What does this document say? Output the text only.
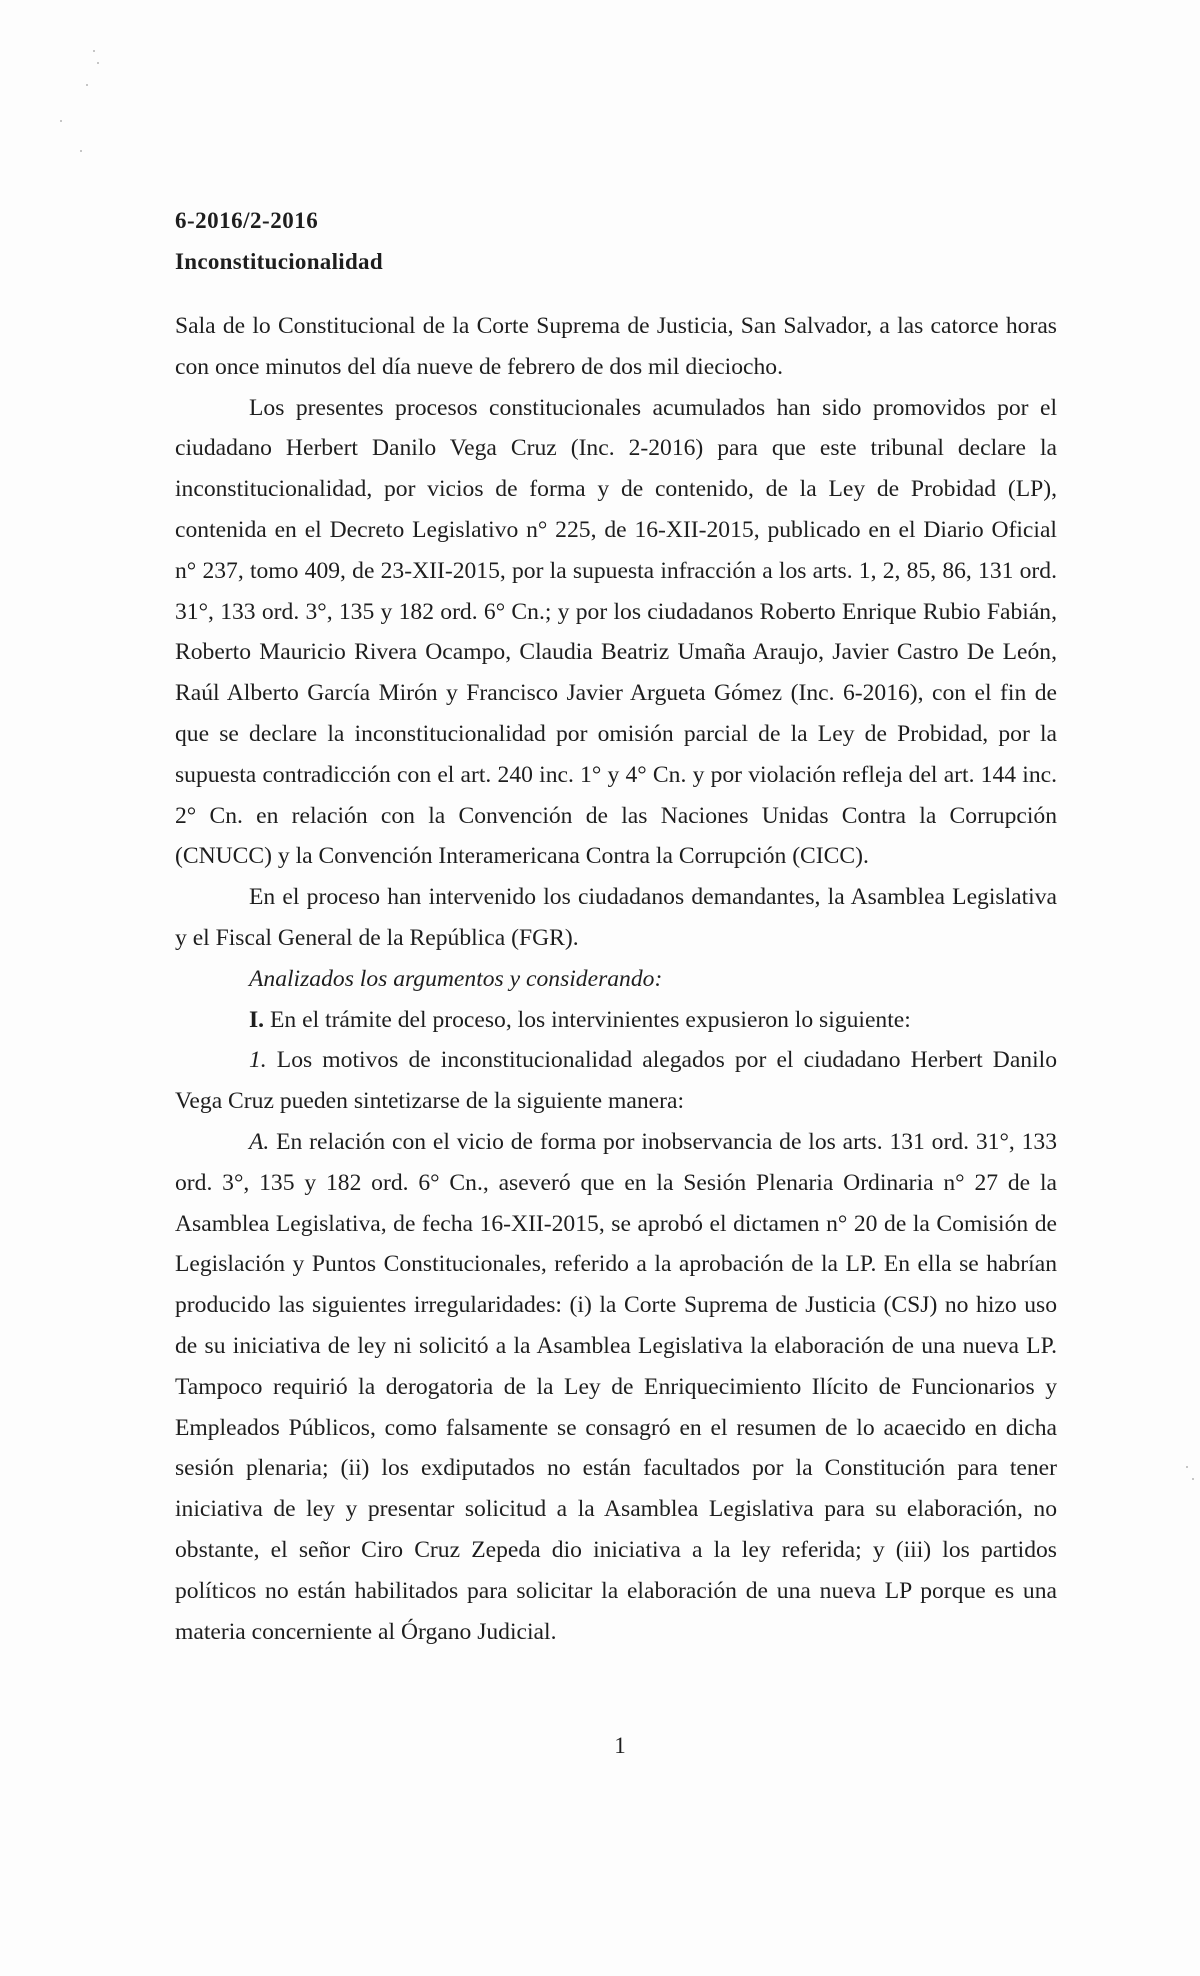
6-2016/2-2016
Inconstitucionalidad

Sala de lo Constitucional de la Corte Suprema de Justicia, San Salvador, a las catorce horas con once minutos del día nueve de febrero de dos mil dieciocho.

Los presentes procesos constitucionales acumulados han sido promovidos por el ciudadano Herbert Danilo Vega Cruz (Inc. 2-2016) para que este tribunal declare la inconstitucionalidad, por vicios de forma y de contenido, de la Ley de Probidad (LP), contenida en el Decreto Legislativo n° 225, de 16-XII-2015, publicado en el Diario Oficial n° 237, tomo 409, de 23-XII-2015, por la supuesta infracción a los arts. 1, 2, 85, 86, 131 ord. 31°, 133 ord. 3°, 135 y 182 ord. 6° Cn.; y por los ciudadanos Roberto Enrique Rubio Fabián, Roberto Mauricio Rivera Ocampo, Claudia Beatriz Umaña Araujo, Javier Castro De León, Raúl Alberto García Mirón y Francisco Javier Argueta Gómez (Inc. 6-2016), con el fin de que se declare la inconstitucionalidad por omisión parcial de la Ley de Probidad, por la supuesta contradicción con el art. 240 inc. 1° y 4° Cn. y por violación refleja del art. 144 inc. 2° Cn. en relación con la Convención de las Naciones Unidas Contra la Corrupción (CNUCC) y la Convención Interamericana Contra la Corrupción (CICC).

En el proceso han intervenido los ciudadanos demandantes, la Asamblea Legislativa y el Fiscal General de la República (FGR).

Analizados los argumentos y considerando:

I. En el trámite del proceso, los intervinientes expusieron lo siguiente:

1. Los motivos de inconstitucionalidad alegados por el ciudadano Herbert Danilo Vega Cruz pueden sintetizarse de la siguiente manera:

A. En relación con el vicio de forma por inobservancia de los arts. 131 ord. 31°, 133 ord. 3°, 135 y 182 ord. 6° Cn., aseveró que en la Sesión Plenaria Ordinaria n° 27 de la Asamblea Legislativa, de fecha 16-XII-2015, se aprobó el dictamen n° 20 de la Comisión de Legislación y Puntos Constitucionales, referido a la aprobación de la LP. En ella se habrían producido las siguientes irregularidades: (i) la Corte Suprema de Justicia (CSJ) no hizo uso de su iniciativa de ley ni solicitó a la Asamblea Legislativa la elaboración de una nueva LP. Tampoco requirió la derogatoria de la Ley de Enriquecimiento Ilícito de Funcionarios y Empleados Públicos, como falsamente se consagró en el resumen de lo acaecido en dicha sesión plenaria; (ii) los exdiputados no están facultados por la Constitución para tener iniciativa de ley y presentar solicitud a la Asamblea Legislativa para su elaboración, no obstante, el señor Ciro Cruz Zepeda dio iniciativa a la ley referida; y (iii) los partidos políticos no están habilitados para solicitar la elaboración de una nueva LP porque es una materia concerniente al Órgano Judicial.

1
